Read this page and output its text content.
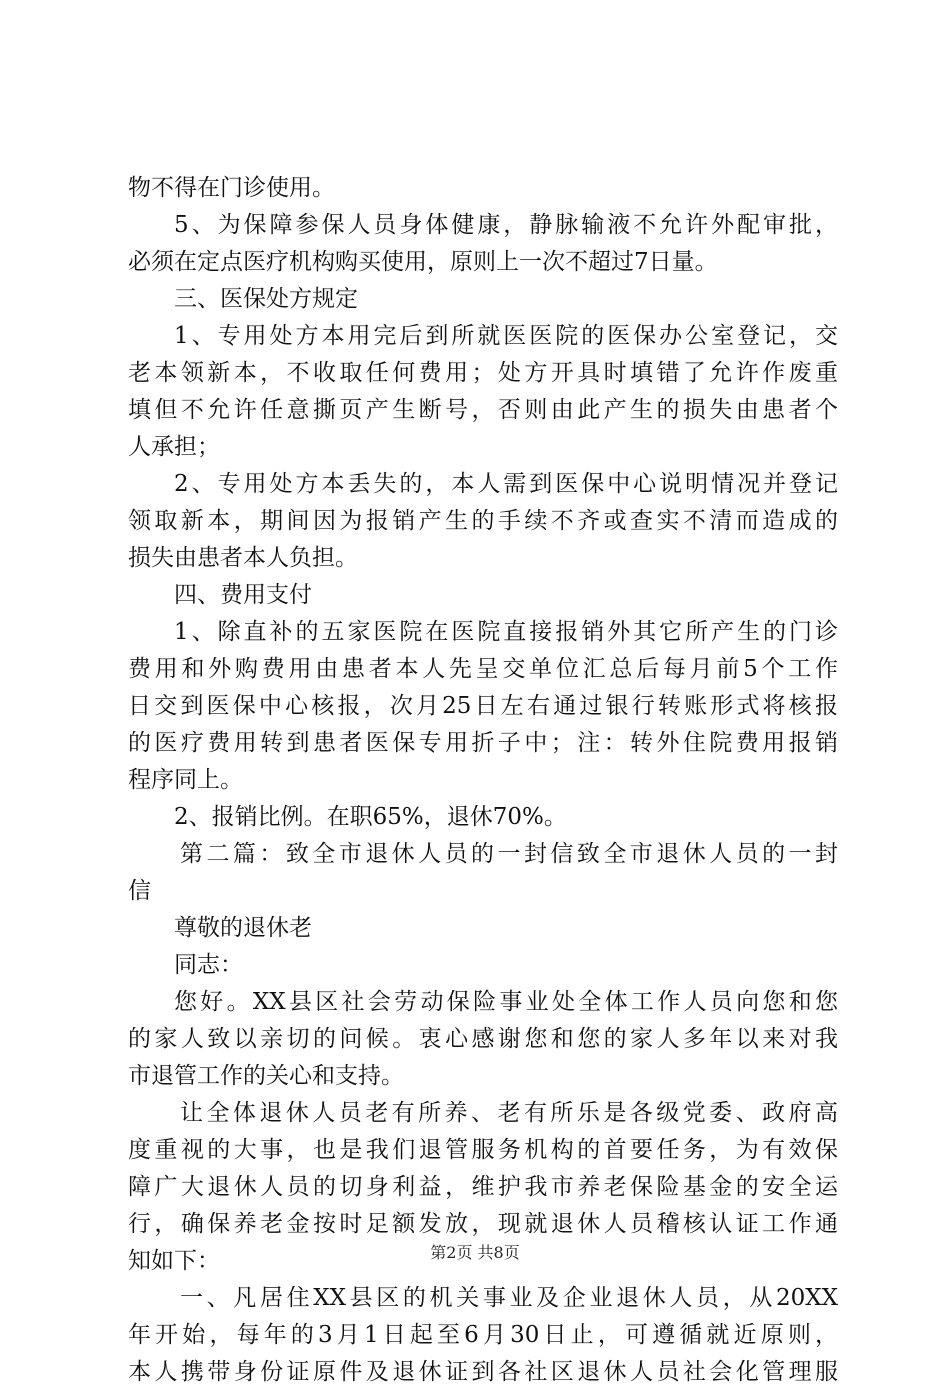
物不得在门诊使用。
5、为保障参保人员身体健康，静脉输液不允许外配审批，
必须在定点医疗机构购买使用，原则上一次不超过7日量。
三、医保处方规定
1、专用处方本用完后到所就医医院的医保办公室登记，交
老本领新本，不收取任何费用；处方开具时填错了允许作废重
填但不允许任意撕页产生断号，否则由此产生的损失由患者个
人承担；
2、专用处方本丢失的，本人需到医保中心说明情况并登记
领取新本，期间因为报销产生的手续不齐或查实不清而造成的
损失由患者本人负担。
四、费用支付
1、除直补的五家医院在医院直接报销外其它所产生的门诊
费用和外购费用由患者本人先呈交单位汇总后每月前5个工作
日交到医保中心核报，次月25日左右通过银行转账形式将核报
的医疗费用转到患者医保专用折子中；注：转外住院费用报销
程序同上。
2、报销比例。在职65%，退休70%。
第二篇：致全市退休人员的一封信致全市退休人员的一封
信
尊敬的退休老
同志：
您好。XX县区社会劳动保险事业处全体工作人员向您和您
的家人致以亲切的问候。衷心感谢您和您的家人多年以来对我
市退管工作的关心和支持。
让全体退休人员老有所养、老有所乐是各级党委、政府高
度重视的大事，也是我们退管服务机构的首要任务，为有效保
障广大退休人员的切身利益，维护我市养老保险基金的安全运
行，确保养老金按时足额发放，现就退休人员稽核认证工作通
知如下：
一、凡居住XX县区的机关事业及企业退休人员，从20XX
年开始，每年的3月1日起至6月30日止，可遵循就近原则，
本人携带身份证原件及退休证到各社区退休人员社会化管理服
第2页 共8页
